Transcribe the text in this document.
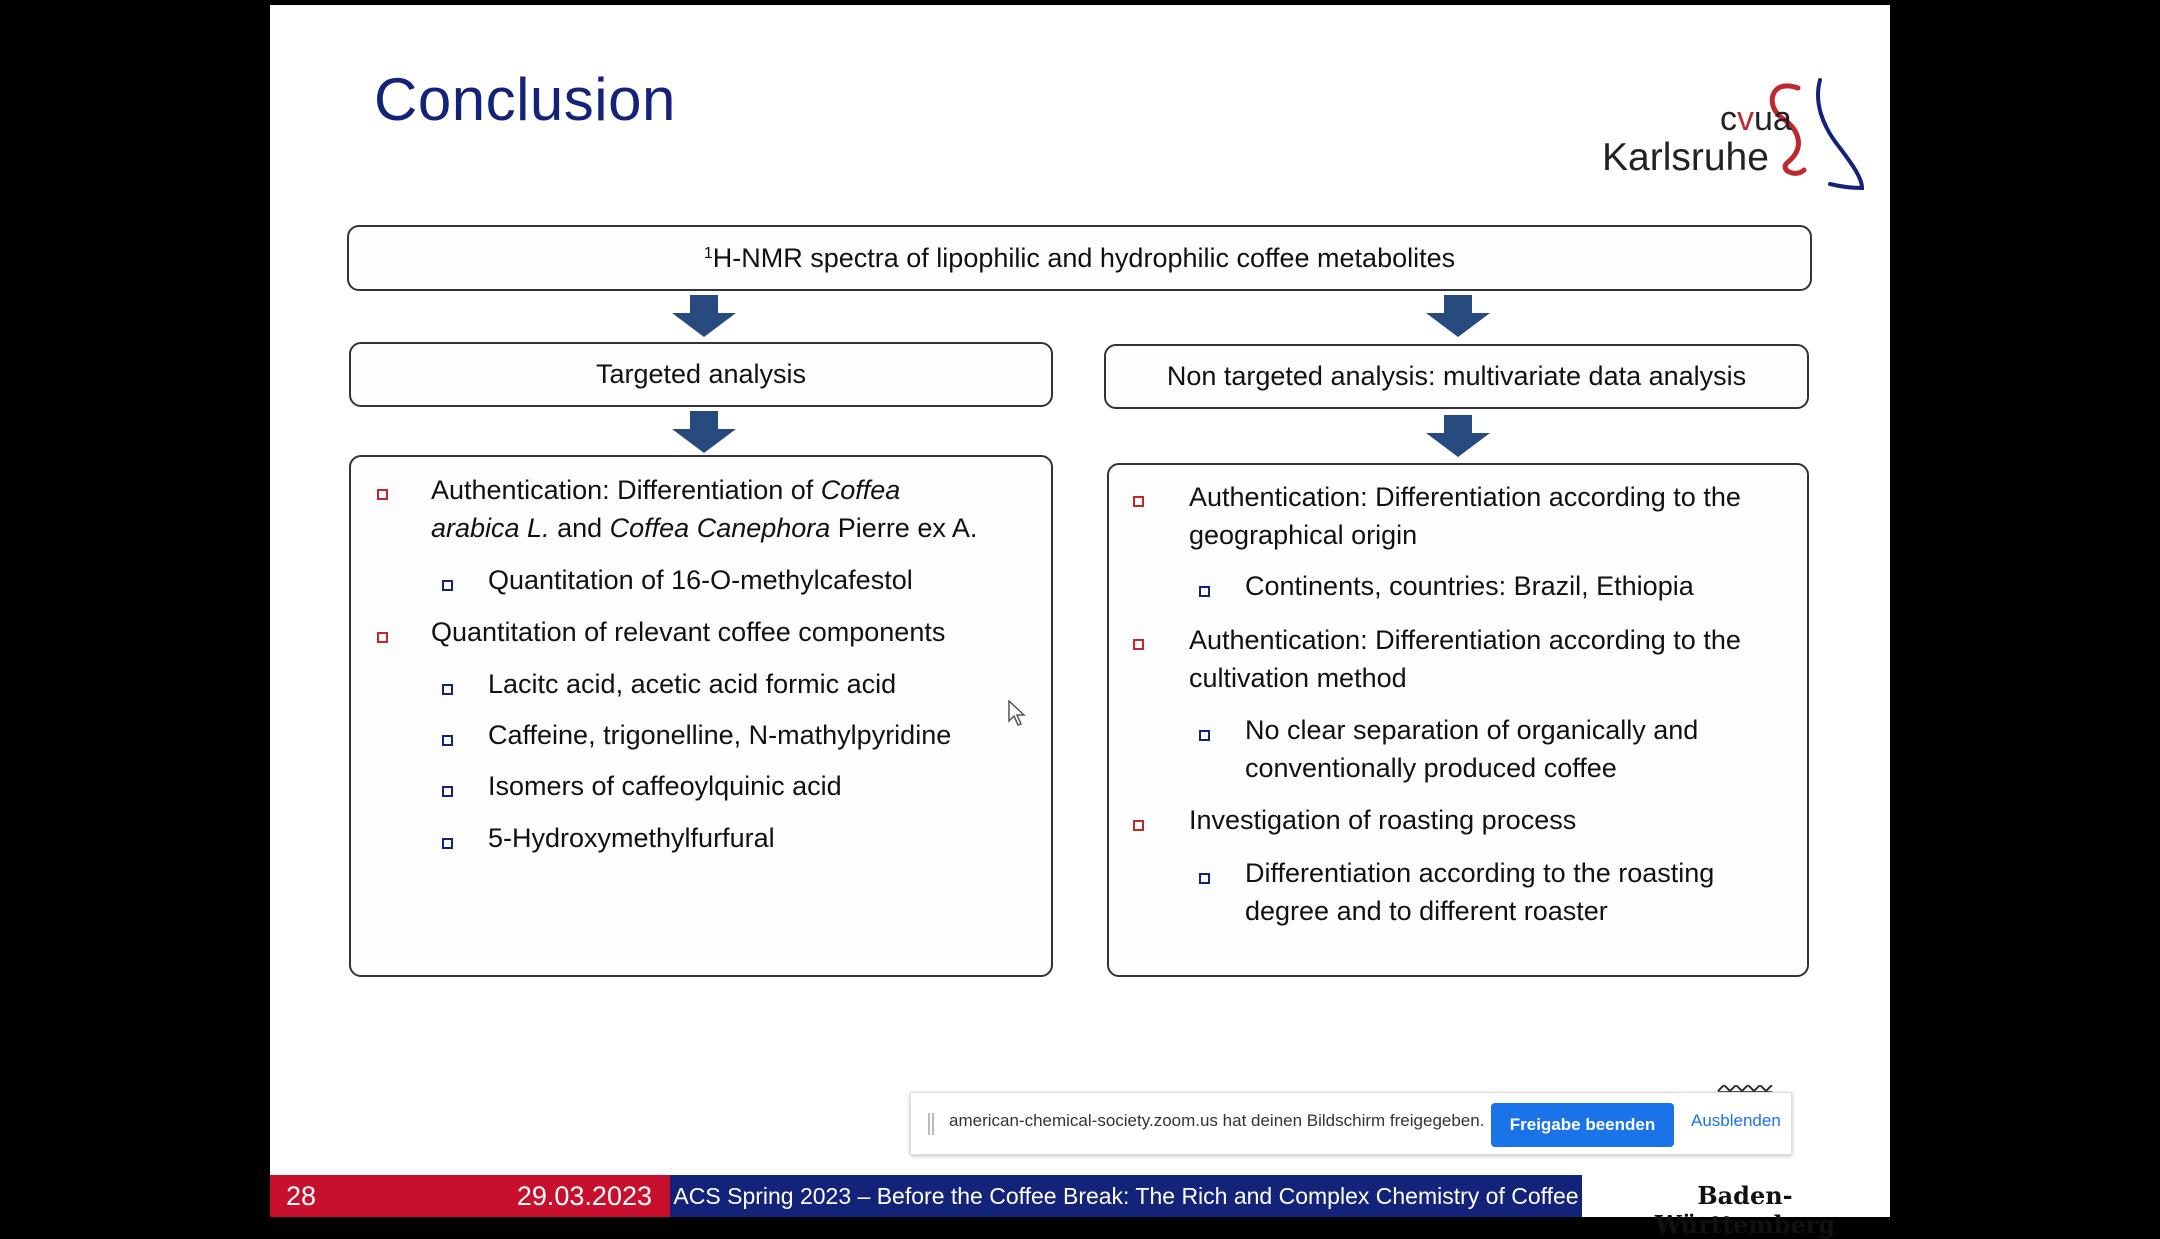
Conclusion	cvua
Karlsruhe
$^1$ H-NMR spectra of lipophilic and hydrophilic coffee metabolites
Targeted analysis	Non targeted analysis: multivariate data analysis
Authentication: Differentiation of Coffea
arabica L. and Coffea Canephora Pierre ex A.
Quantitation of 16-O-methylcafestol
Quantitation of relevant coffee components
Lacitc acid, acetic acid formic acid
Caffeine, trigonelline, N-mathylpyridine
Isomers of caffeoylquinic acid
5-Hydroxymethylfurfural
Authentication: Differentiation according to the
geographical origin
Continents, countries: Brazil, Ethiopia
Authentication: Differentiation according to the
cultivation method
No clear separation of organically and
conventionally produced coffee
Investigation of roasting process
Differentiation according to the roasting
degree and to different roaster
28	29.03.2023 ACS Spring 2023 – Before the Coffee Break: The Rich and Complex Chemistry of Coffee	Baden-Württemberg
american-chemical-society.zoom.us hat deinen Bildschirm freigegeben.	Freigabe beenden	Ausblenden
